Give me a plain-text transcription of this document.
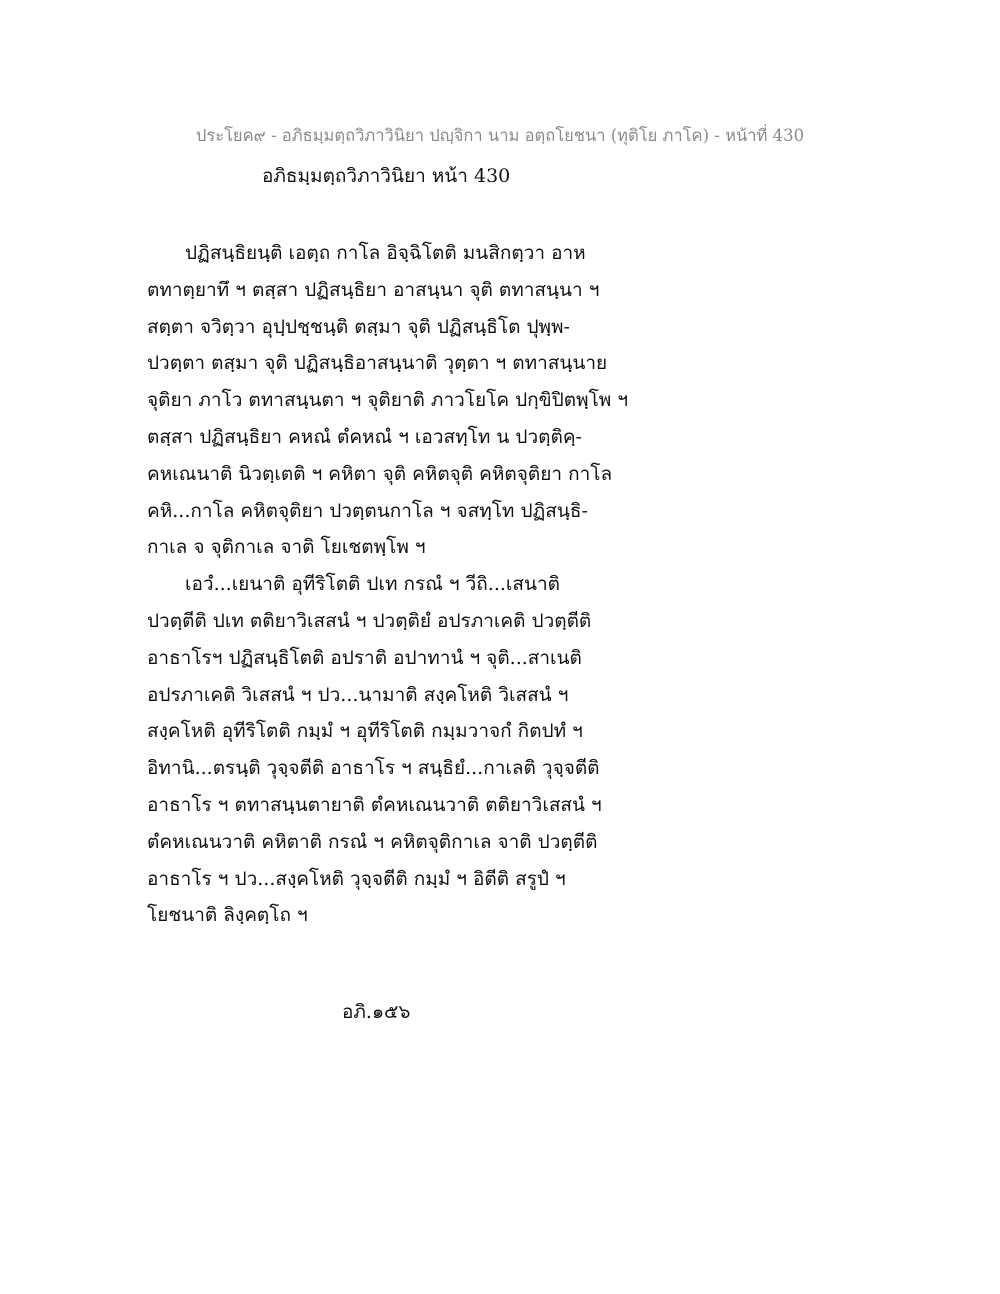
ประโยค๙ - อภิธมฺมตฺถวิภาวินิยา ปญฺจิกา นาม อตฺถโยชนา (ทุติโย ภาโค) - หน้าที่ 430
อภิธมฺมตฺถวิภาวินิยา หน้า 430
ปฏิสนฺธิยนฺติ เอตฺถ กาโล อิจฺฉิโตติ มนสิกตฺวา อาห
ตทาตฺยาทึ ฯ ตสฺสา ปฏิสนฺธิยา อาสนฺนา จุติ ตทาสนฺนา ฯ
สตฺตา จวิตฺวา อุปฺปชฺชนฺติ ตสฺมา จุติ ปฏิสนฺธิโต ปุพฺพ-
ปวตฺตา ตสฺมา จุติ ปฏิสนฺธิอาสนฺนาติ วุตฺตา ฯ ตทาสนฺนาย
จุติยา ภาโว ตทาสนฺนตา ฯ จุติยาติ ภาวโยโค ปกฺขิปิตพฺโพ ฯ
ตสฺสา ปฏิสนฺธิยา คหณํ ตํคหณํ ฯ เอวสทฺโท น ปวตฺติคฺ-
คหเณนาติ นิวตฺเตติ ฯ คหิตา จุติ คหิตจุติ คหิตจุติยา กาโล
คหิ...กาโล คหิตจุติยา ปวตฺตนกาโล ฯ จสทฺโท ปฏิสนฺธิ-
กาเล จ จุติกาเล จาติ โยเชตพฺโพ ฯ
เอวํ...เยนาติ อุทีริโตติ ปเท กรณํ ฯ วีถิ...เสนาติ
ปวตฺตีติ ปเท ตติยาวิเสสนํ ฯ ปวตฺติยํ อปรภาเคติ ปวตฺตีติ
อาธาโรฯ ปฏิสนฺธิโตติ อปราติ อปาทานํ ฯ จุติ...สาเนติ
อปรภาเคติ วิเสสนํ ฯ ปว...นามาติ สงฺคโหติ วิเสสนํ ฯ
สงฺคโหติ อุทีริโตติ กมฺมํ ฯ อุทีริโตติ กมฺมวาจกํ กิตปทํ ฯ
อิทานิ...ตรนฺติ วุจฺจตีติ อาธาโร ฯ สนฺธิยํ...กาเลติ วุจฺจตีติ
อาธาโร ฯ ตทาสนฺนตายาติ ตํคหเณนวาติ ตติยาวิเสสนํ ฯ
ตํคหเณนวาติ คหิตาติ กรณํ ฯ คหิตจุติกาเล จาติ ปวตฺตีติ
อาธาโร ฯ ปว...สงฺคโหติ วุจฺจตีติ กมฺมํ ฯ อิตีติ สรูปํ ฯ
โยชนาติ ลิงฺคตฺโถ ฯ
อภิ.๑๕๖
